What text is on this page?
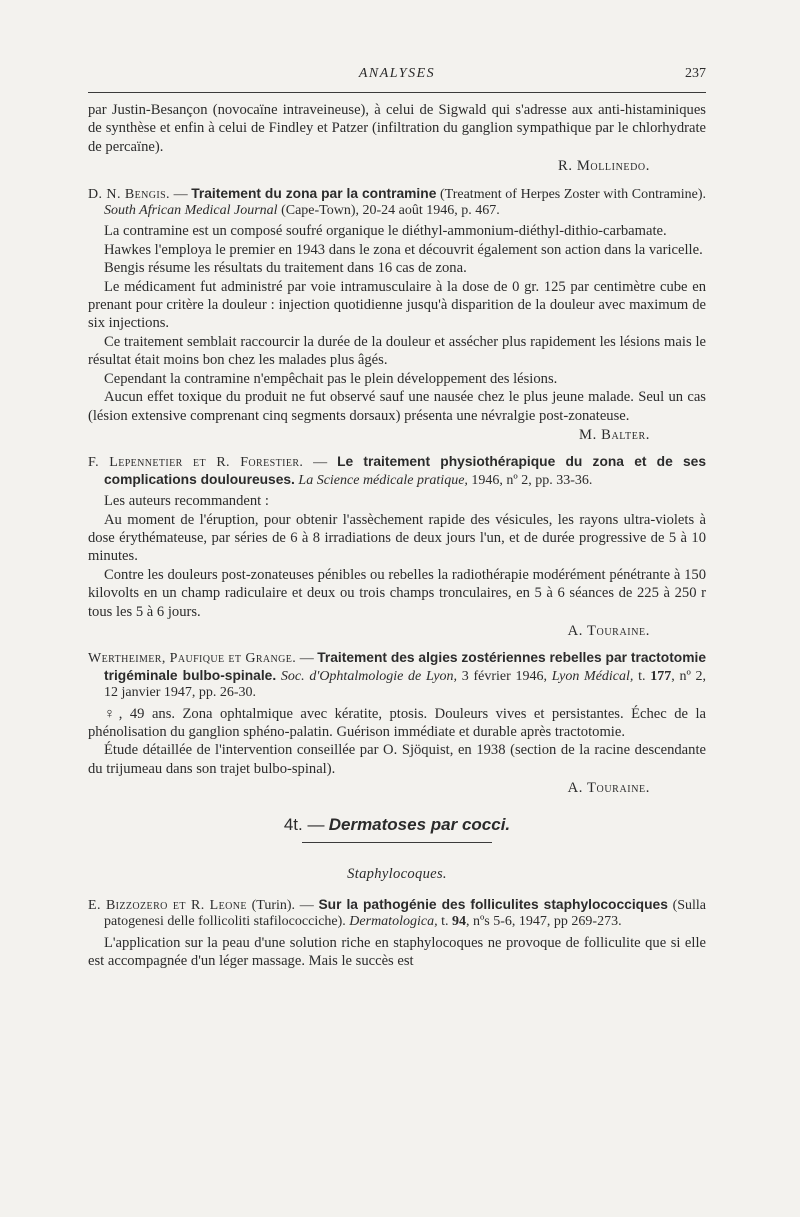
ANALYSES	237

par Justin-Besançon (novocaïne intraveineuse), à celui de Sigwald qui s'adresse aux anti-histaminiques de synthèse et enfin à celui de Findley et Patzer (infiltration du ganglion sympathique par le chlorhydrate de percaïne).

R. Mollinedo.
D. N. Bengis. — Traitement du zona par la contramine (Treatment of Herpes Zoster with Contramine). South African Medical Journal (Cape-Town), 20-24 août 1946, p. 467.

La contramine est un composé soufré organique le diéthyl-ammonium-diéthyl-dithio-carbamate.

Hawkes l'employa le premier en 1943 dans le zona et découvrit également son action dans la varicelle.

Bengis résume les résultats du traitement dans 16 cas de zona.

Le médicament fut administré par voie intramusculaire à la dose de 0 gr. 125 par centimètre cube en prenant pour critère la douleur : injection quotidienne jusqu'à disparition de la douleur avec maximum de six injections.

Ce traitement semblait raccourcir la durée de la douleur et assécher plus rapidement les lésions mais le résultat était moins bon chez les malades plus âgés.

Cependant la contramine n'empêchait pas le plein développement des lésions.

Aucun effet toxique du produit ne fut observé sauf une nausée chez le plus jeune malade. Seul un cas (lésion extensive comprenant cinq segments dorsaux) présenta une névralgie post-zonateuse.

M. Balter.
F. Lepennetier et R. Forestier. — Le traitement physiothérapique du zona et de ses complications douloureuses. La Science médicale pratique, 1946, nº 2, pp. 33-36.

Les auteurs recommandent :

Au moment de l'éruption, pour obtenir l'assèchement rapide des vésicules, les rayons ultra-violets à dose érythémateuse, par séries de 6 à 8 irradiations de deux jours l'un, et de durée progressive de 5 à 10 minutes.

Contre les douleurs post-zonateuses pénibles ou rebelles la radiothérapie modérément pénétrante à 150 kilovolts en un champ radiculaire et deux ou trois champs tronculaires, en 5 à 6 séances de 225 à 250 r tous les 5 à 6 jours.

A. Touraine.
Wertheimer, Paufique et Grange. — Traitement des algies zostériennes rebelles par tractotomie trigéminale bulbo-spinale. Soc. d'Ophtalmologie de Lyon, 3 février 1946, Lyon Médical, t. 177, nº 2, 12 janvier 1947, pp. 26-30.

♀, 49 ans. Zona ophtalmique avec kératite, ptosis. Douleurs vives et persistantes. Échec de la phénolisation du ganglion sphéno-palatin. Guérison immédiate et durable après tractotomie.

Étude détaillée de l'intervention conseillée par O. Sjöquist, en 1938 (section de la racine descendante du trijumeau dans son trajet bulbo-spinal).

A. Touraine.
4t. — Dermatoses par cocci.
Staphylocoques.
E. Bizzozero et R. Leone (Turin). — Sur la pathogénie des folliculites staphylococciques (Sulla patogenesi delle follicoliti stafilococciche). Dermatologica, t. 94, nºs 5-6, 1947, pp 269-273.

L'application sur la peau d'une solution riche en staphylocoques ne provoque de folliculite que si elle est accompagnée d'un léger massage. Mais le succès est
